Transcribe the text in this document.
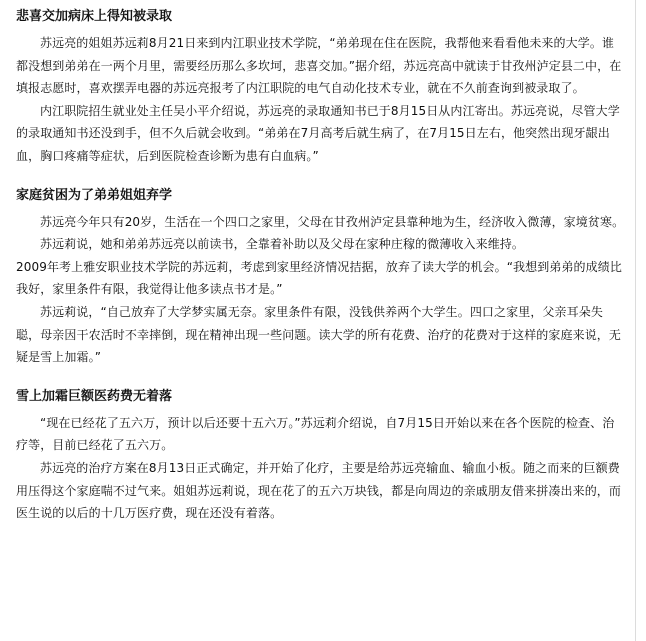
悲喜交加病床上得知被录取

苏远亮的姐姐苏远莉8月21日来到内江职业技术学院，“弟弟现在住在医院，我帮他来看看他未来的大学。谁都没想到弟弟在一两个月里，需要经历那么多坎坷，悲喜交加。”据介绍，苏远亮高中就读于甘孜州泸定县二中，在填报志愿时，喜欢摆弄电器的苏远亮报考了内江职院的电气自动化技术专业，就在不久前查询到被录取了。

内江职院招生就业处主任吴小平介绍说，苏远亮的录取通知书已于8月15日从内江寄出。苏远亮说，尽管大学的录取通知书还没到手，但不久后就会收到。“弟弟在7月高考后就生病了，在7月15日左右，他突然出现牙龈出血，胸口疼痛等症状，后到医院检查诊断为患有白血病。”

家庭贫困为了弟弟姐姐弃学

苏远亮今年只有20岁，生活在一个四口之家里，父母在甘孜州泸定县靠种地为生，经济收入微薄，家境贫寒。

苏远莉说，她和弟弟苏远亮以前读书，全靠着补助以及父母在家种庄稼的微薄收入来维持。

2009年考上雅安职业技术学院的苏远莉，考虑到家里经济情况拮据，放弃了读大学的机会。“我想到弟弟的成绩比我好，家里条件有限，我觉得让他多读点书才是。”

苏远莉说，“自己放弃了大学梦实属无奈。家里条件有限，没钱供养两个大学生。四口之家里，父亲耳朵失聪，母亲因干农活时不幸摔倒，现在精神出现一些问题。读大学的所有花费、治疗的花费对于这样的家庭来说，无疑是雪上加霜。”

雪上加霜巨额医药费无着落

“现在已经花了五六万，预计以后还要十五六万。”苏远莉介绍说，自7月15日开始以来在各个医院的检查、治疗等，目前已经花了五六万。

苏远亮的治疗方案在8月13日正式确定，并开始了化疗，主要是给苏远亮输血、输血小板。随之而来的巨额费用压得这个家庭喘不过气来。姐姐苏远莉说，现在花了的五六万块钱，都是向周边的亲戚朋友借来拼凑出来的，而医生说的以后的十几万医疗费，现在还没有着落。
